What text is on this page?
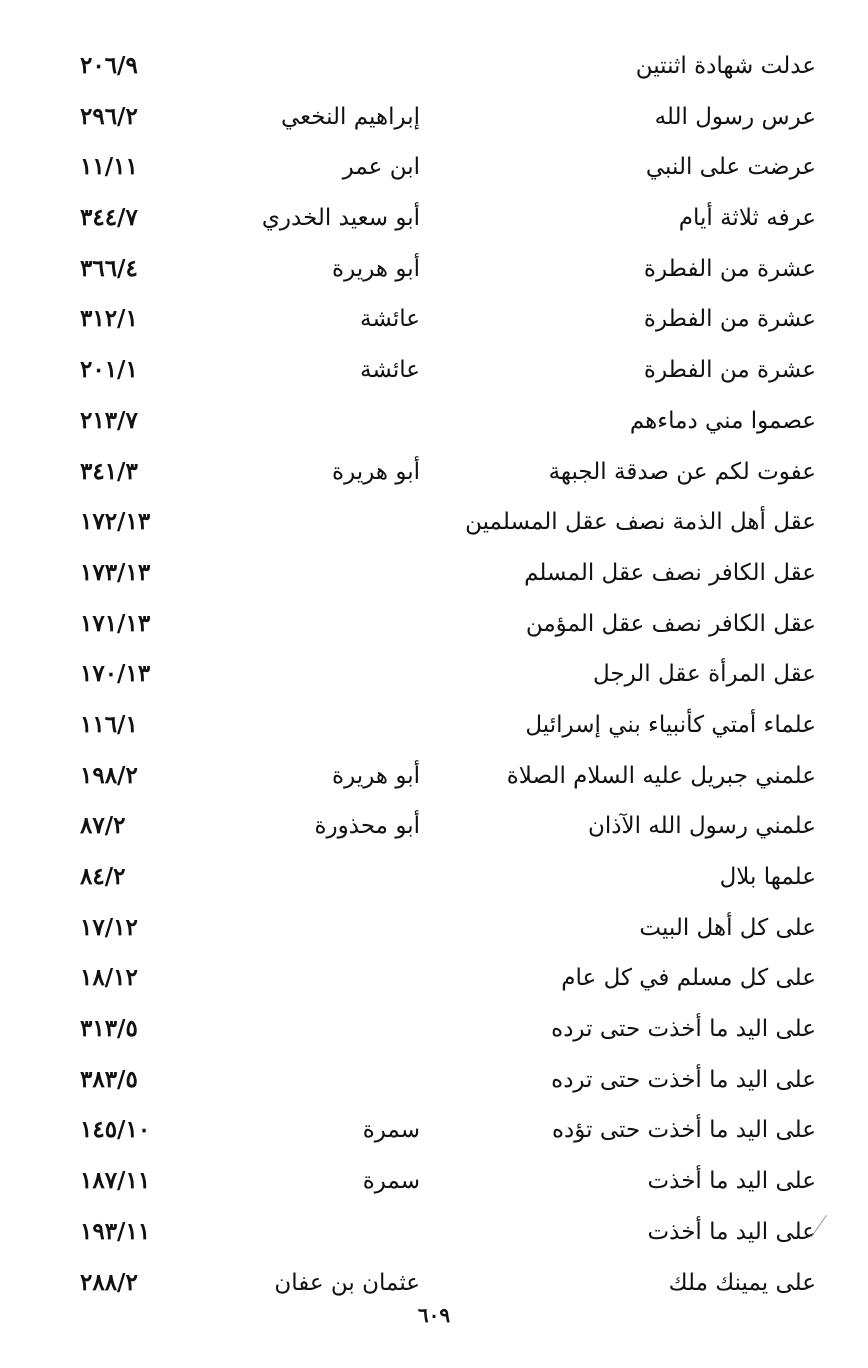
عدلت شهادة اثنتين
٢٠٦/٩
عرس رسول الله
إبراهيم النخعي
٢٩٦/٢
عرضت على النبي
ابن عمر
١١/١١
عرفه ثلاثة أيام
أبو سعيد الخدري
٣٤٤/٧
عشرة من الفطرة
أبو هريرة
٣٦٦/٤
عشرة من الفطرة
عائشة
٣١٢/١
عشرة من الفطرة
عائشة
٢٠١/١
عصموا مني دماءهم
٢١٣/٧
عفوت لكم عن صدقة الجبهة
أبو هريرة
٣٤١/٣
عقل أهل الذمة نصف عقل المسلمين
١٧٢/١٣
عقل الكافر نصف عقل المسلم
١٧٣/١٣
عقل الكافر نصف عقل المؤمن
١٧١/١٣
عقل المرأة عقل الرجل
١٧٠/١٣
علماء أمتي كأنبياء بني إسرائيل
١١٦/١
علمني جبريل عليه السلام الصلاة
أبو هريرة
١٩٨/٢
علمني رسول الله الآذان
أبو محذورة
٨٧/٢
علمها بلال
٨٤/٢
على كل أهل البيت
١٧/١٢
على كل مسلم في كل عام
١٨/١٢
على اليد ما أخذت حتى ترده
٣١٣/٥
على اليد ما أخذت حتى ترده
٣٨٣/٥
على اليد ما أخذت حتى تؤده
سمرة
١٤٥/١٠
على اليد ما أخذت
سمرة
١٨٧/١١
على اليد ما أخذت
١٩٣/١١
على يمينك ملك
عثمان بن عفان
٢٨٨/٢
٦٠٩
